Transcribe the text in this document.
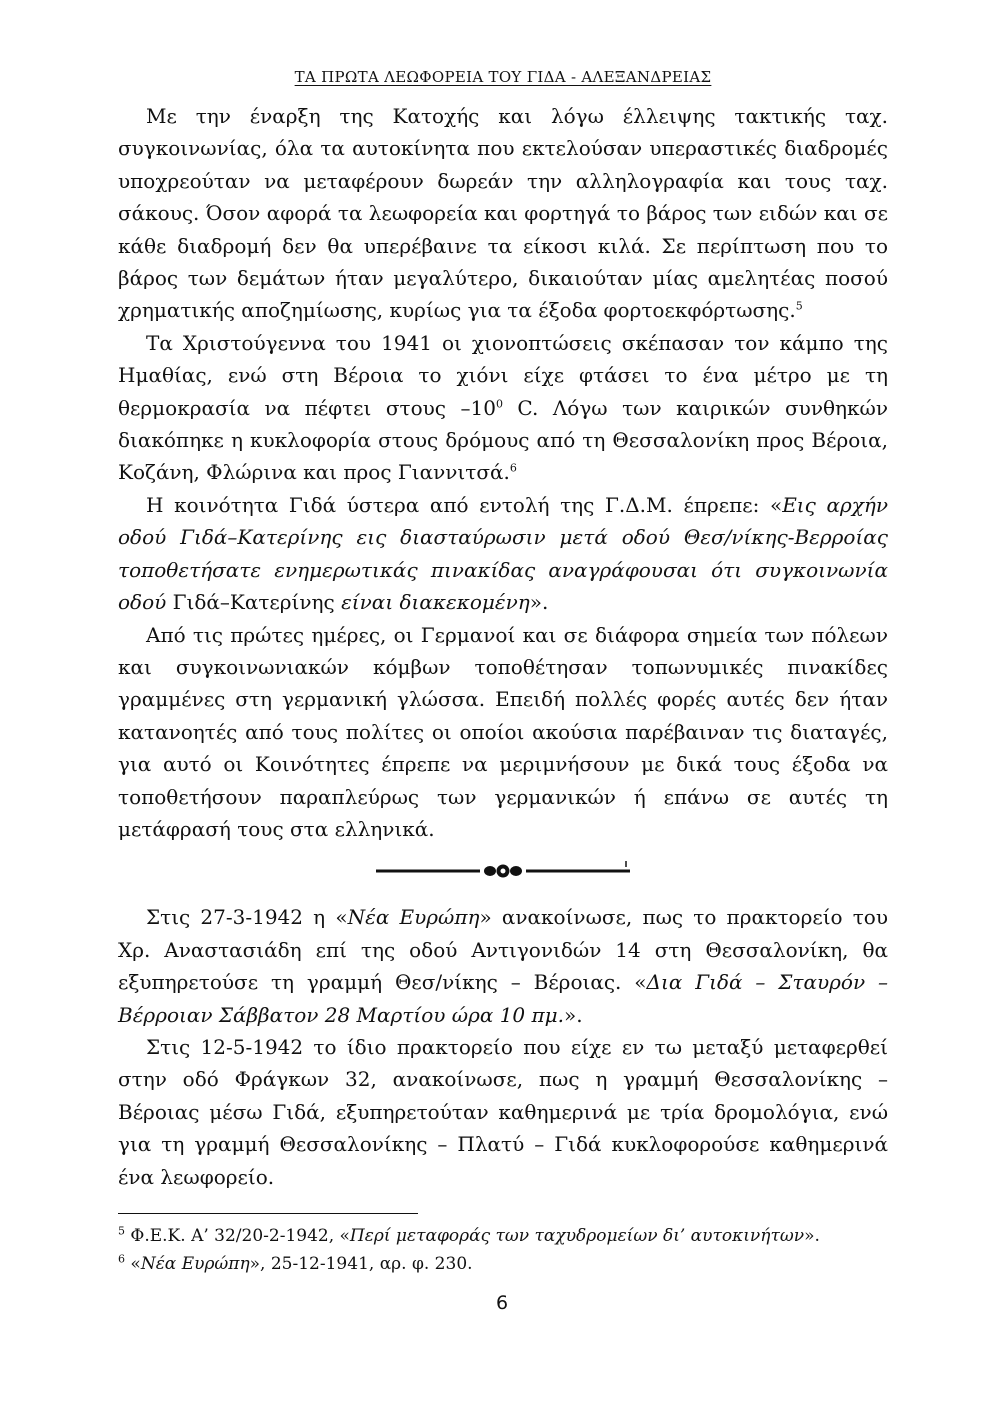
ΤΑ ΠΡΩΤΑ ΛΕΩΦΟΡΕΙΑ ΤΟΥ ΓΙΔΑ - ΑΛΕΞΑΝΔΡΕΙΑΣ

Με την έναρξη της Κατοχής και λόγω έλλειψης τακτικής ταχ. συγκοινωνίας, όλα τα αυτοκίνητα που εκτελούσαν υπεραστικές διαδρομές υποχρεούταν να μεταφέρουν δωρεάν την αλληλογραφία και τους ταχ. σάκους. Όσον αφορά τα λεωφορεία και φορτηγά το βάρος των ειδών και σε κάθε διαδρομή δεν θα υπερέβαινε τα είκοσι κιλά. Σε περίπτωση που το βάρος των δεμάτων ήταν μεγαλύτερο, δικαιούταν μίας αμελητέας ποσού χρηματικής αποζημίωσης, κυρίως για τα έξοδα φορτοεκφόρτωσης.$^5$

Τα Χριστούγεννα του 1941 οι χιονοπτώσεις σκέπασαν τον κάμπο της Ημαθίας, ενώ στη Βέροια το χιόνι είχε φτάσει το ένα μέτρο με τη θερμοκρασία να πέφτει στους $-10^0$ C. Λόγω των καιρικών συνθηκών διακόπηκε η κυκλοφορία στους δρόμους από τη Θεσσαλονίκη προς Βέροια, Κοζάνη, Φλώρινα και προς Γιαννιτσά.$^6$

Η κοινότητα Γιδά ύστερα από εντολή της Γ.Δ.Μ. έπρεπε: «Εις αρχήν οδού Γιδά–Κατερίνης εις διασταύρωσιν μετά οδού Θεσ/νίκης-Βερροίας τοποθετήσατε ενημερωτικάς πινακίδας αναγράφουσαι ότι συγκοινωνία οδού Γιδά–Κατερίνης είναι διακεκομένη».

Από τις πρώτες ημέρες, οι Γερμανοί και σε διάφορα σημεία των πόλεων και συγκοινωνιακών κόμβων τοποθέτησαν τοπωνυμικές πινακίδες γραμμένες στη γερμανική γλώσσα. Επειδή πολλές φορές αυτές δεν ήταν κατανοητές από τους πολίτες οι οποίοι ακούσια παρέβαιναν τις διαταγές, για αυτό οι Κοινότητες έπρεπε να μεριμνήσουν με δικά τους έξοδα να τοποθετήσουν παραπλεύρως των γερμανικών ή επάνω σε αυτές τη μετάφρασή τους στα ελληνικά.

Στις 27-3-1942 η «Νέα Ευρώπη» ανακοίνωσε, πως το πρακτορείο του Χρ. Αναστασιάδη επί της οδού Αντιγονιδών 14 στη Θεσσαλονίκη, θα εξυπηρετούσε τη γραμμή Θεσ/νίκης – Βέροιας. «Δια Γιδά – Σταυρόν –Βέρροιαν Σάββατον 28 Μαρτίου ώρα 10 πμ.».

Στις 12-5-1942 το ίδιο πρακτορείο που είχε εν τω μεταξύ μεταφερθεί στην οδό Φράγκων 32, ανακοίνωσε, πως η γραμμή Θεσσαλονίκης – Βέροιας μέσω Γιδά, εξυπηρετούταν καθημερινά με τρία δρομολόγια, ενώ για τη γραμμή Θεσσαλονίκης – Πλατύ – Γιδά κυκλοφορούσε καθημερινά ένα λεωφορείο.

$^5$ Φ.Ε.Κ. Α’ 32/20-2-1942, «Περί μεταφοράς των ταχυδρομείων δι’ αυτοκινήτων».

$^6$ «Νέα Ευρώπη», 25-12-1941, αρ. φ. 230.

6
